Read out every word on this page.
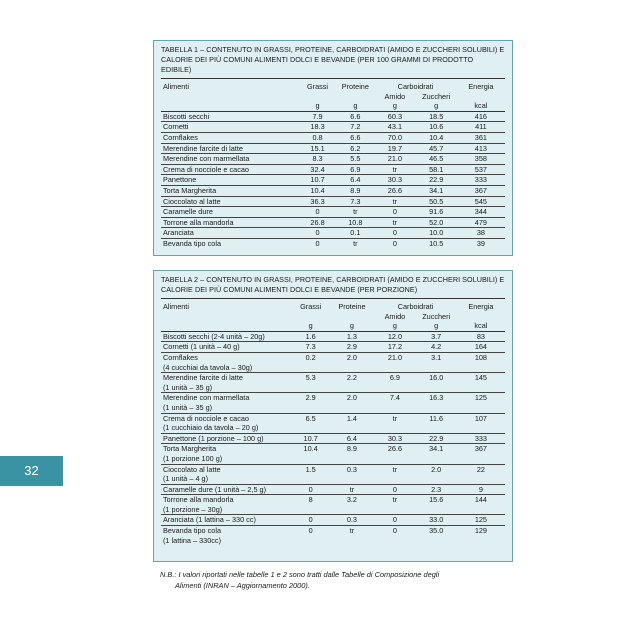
TABELLA 1 – CONTENUTO IN GRASSI, PROTEINE, CARBOIDRATI (AMIDO E ZUCCHERI SOLUBILI) E CALORIE DEI PIÙ COMUNI ALIMENTI DOLCI E BEVANDE (PER 100 GRAMMI DI PRODOTTO EDIBILE)
Alimenti	Grassi	Proteine	Carboidrati		Energia
			Amido	Zuccheri	
	g	g	g	g	kcal
Biscotti secchi	7.9	6.6	60.3	18.5	416
Cornetti	18.3	7.2	43.1	10.6	411
Cornflakes	0.8	6.6	70.0	10.4	361
Merendine farcite di latte	15.1	6.2	19.7	45.7	413
Merendine con marmellata	8.3	5.5	21.0	46.5	358
Crema di nocciole e cacao	32.4	6.9	tr	58.1	537
Panettone	10.7	6.4	30.3	22.9	333
Torta Margherita	10.4	8.9	26.6	34.1	367
Cioccolato al latte	36.3	7.3	tr	50.5	545
Caramelle dure	0	tr	0	91.6	344
Torrone alla mandorla	26.8	10.8	tr	52.0	479
Aranciata	0	0.1	0	10.0	38
Bevanda tipo cola	0	tr	0	10.5	39
TABELLA 2 – CONTENUTO IN GRASSI, PROTEINE, CARBOIDRATI (AMIDO E ZUCCHERI SOLUBILI) E CALORIE DEI PIÙ COMUNI ALIMENTI DOLCI E BEVANDE (PER PORZIONE)
Alimenti	Grassi	Proteine	Carboidrati		Energia
			Amido	Zuccheri	
	g	g	g	g	kcal
Biscotti secchi (2-4 unità – 20g)	1.6	1.3	12.0	3.7	83
Cornetti (1 unità – 40 g)	7.3	2.9	17.2	4.2	164
Cornflakes
(4 cucchiai da tavola – 30g)	0.2	2.0	21.0	3.1	108
Merendine farcite di latte
(1 unità – 35 g)	5.3	2.2	6.9	16.0	145
Merendine con marmellata
(1 unità – 35 g)	2.9	2.0	7.4	16.3	125
Crema di nocciole e cacao
(1 cucchiaio da tavola – 20 g)	6.5	1.4	tr	11.6	107
Panettone (1 porzione – 100 g)	10.7	6.4	30.3	22.9	333
Torta Margherita
(1 porzione 100 g)	10.4	8.9	26.6	34.1	367
Cioccolato al latte
(1 unità – 4 g)	1.5	0.3	tr	2.0	22
Caramelle dure (1 unità – 2,5 g)	0	tr	0	2.3	9
Torrone alla mandorla
(1 porzione – 30g)	8	3.2	tr	15.6	144
Aranciata (1 lattina – 330 cc)	0	0.3	0	33.0	125
Bevanda tipo cola
(1 lattina – 330cc)	0	tr	0	35.0	129
32
N.B.: I valori riportati nelle tabelle 1 e 2 sono tratti dalle Tabelle di Composizione degli
Alimenti (INRAN – Aggiornamento 2000).
